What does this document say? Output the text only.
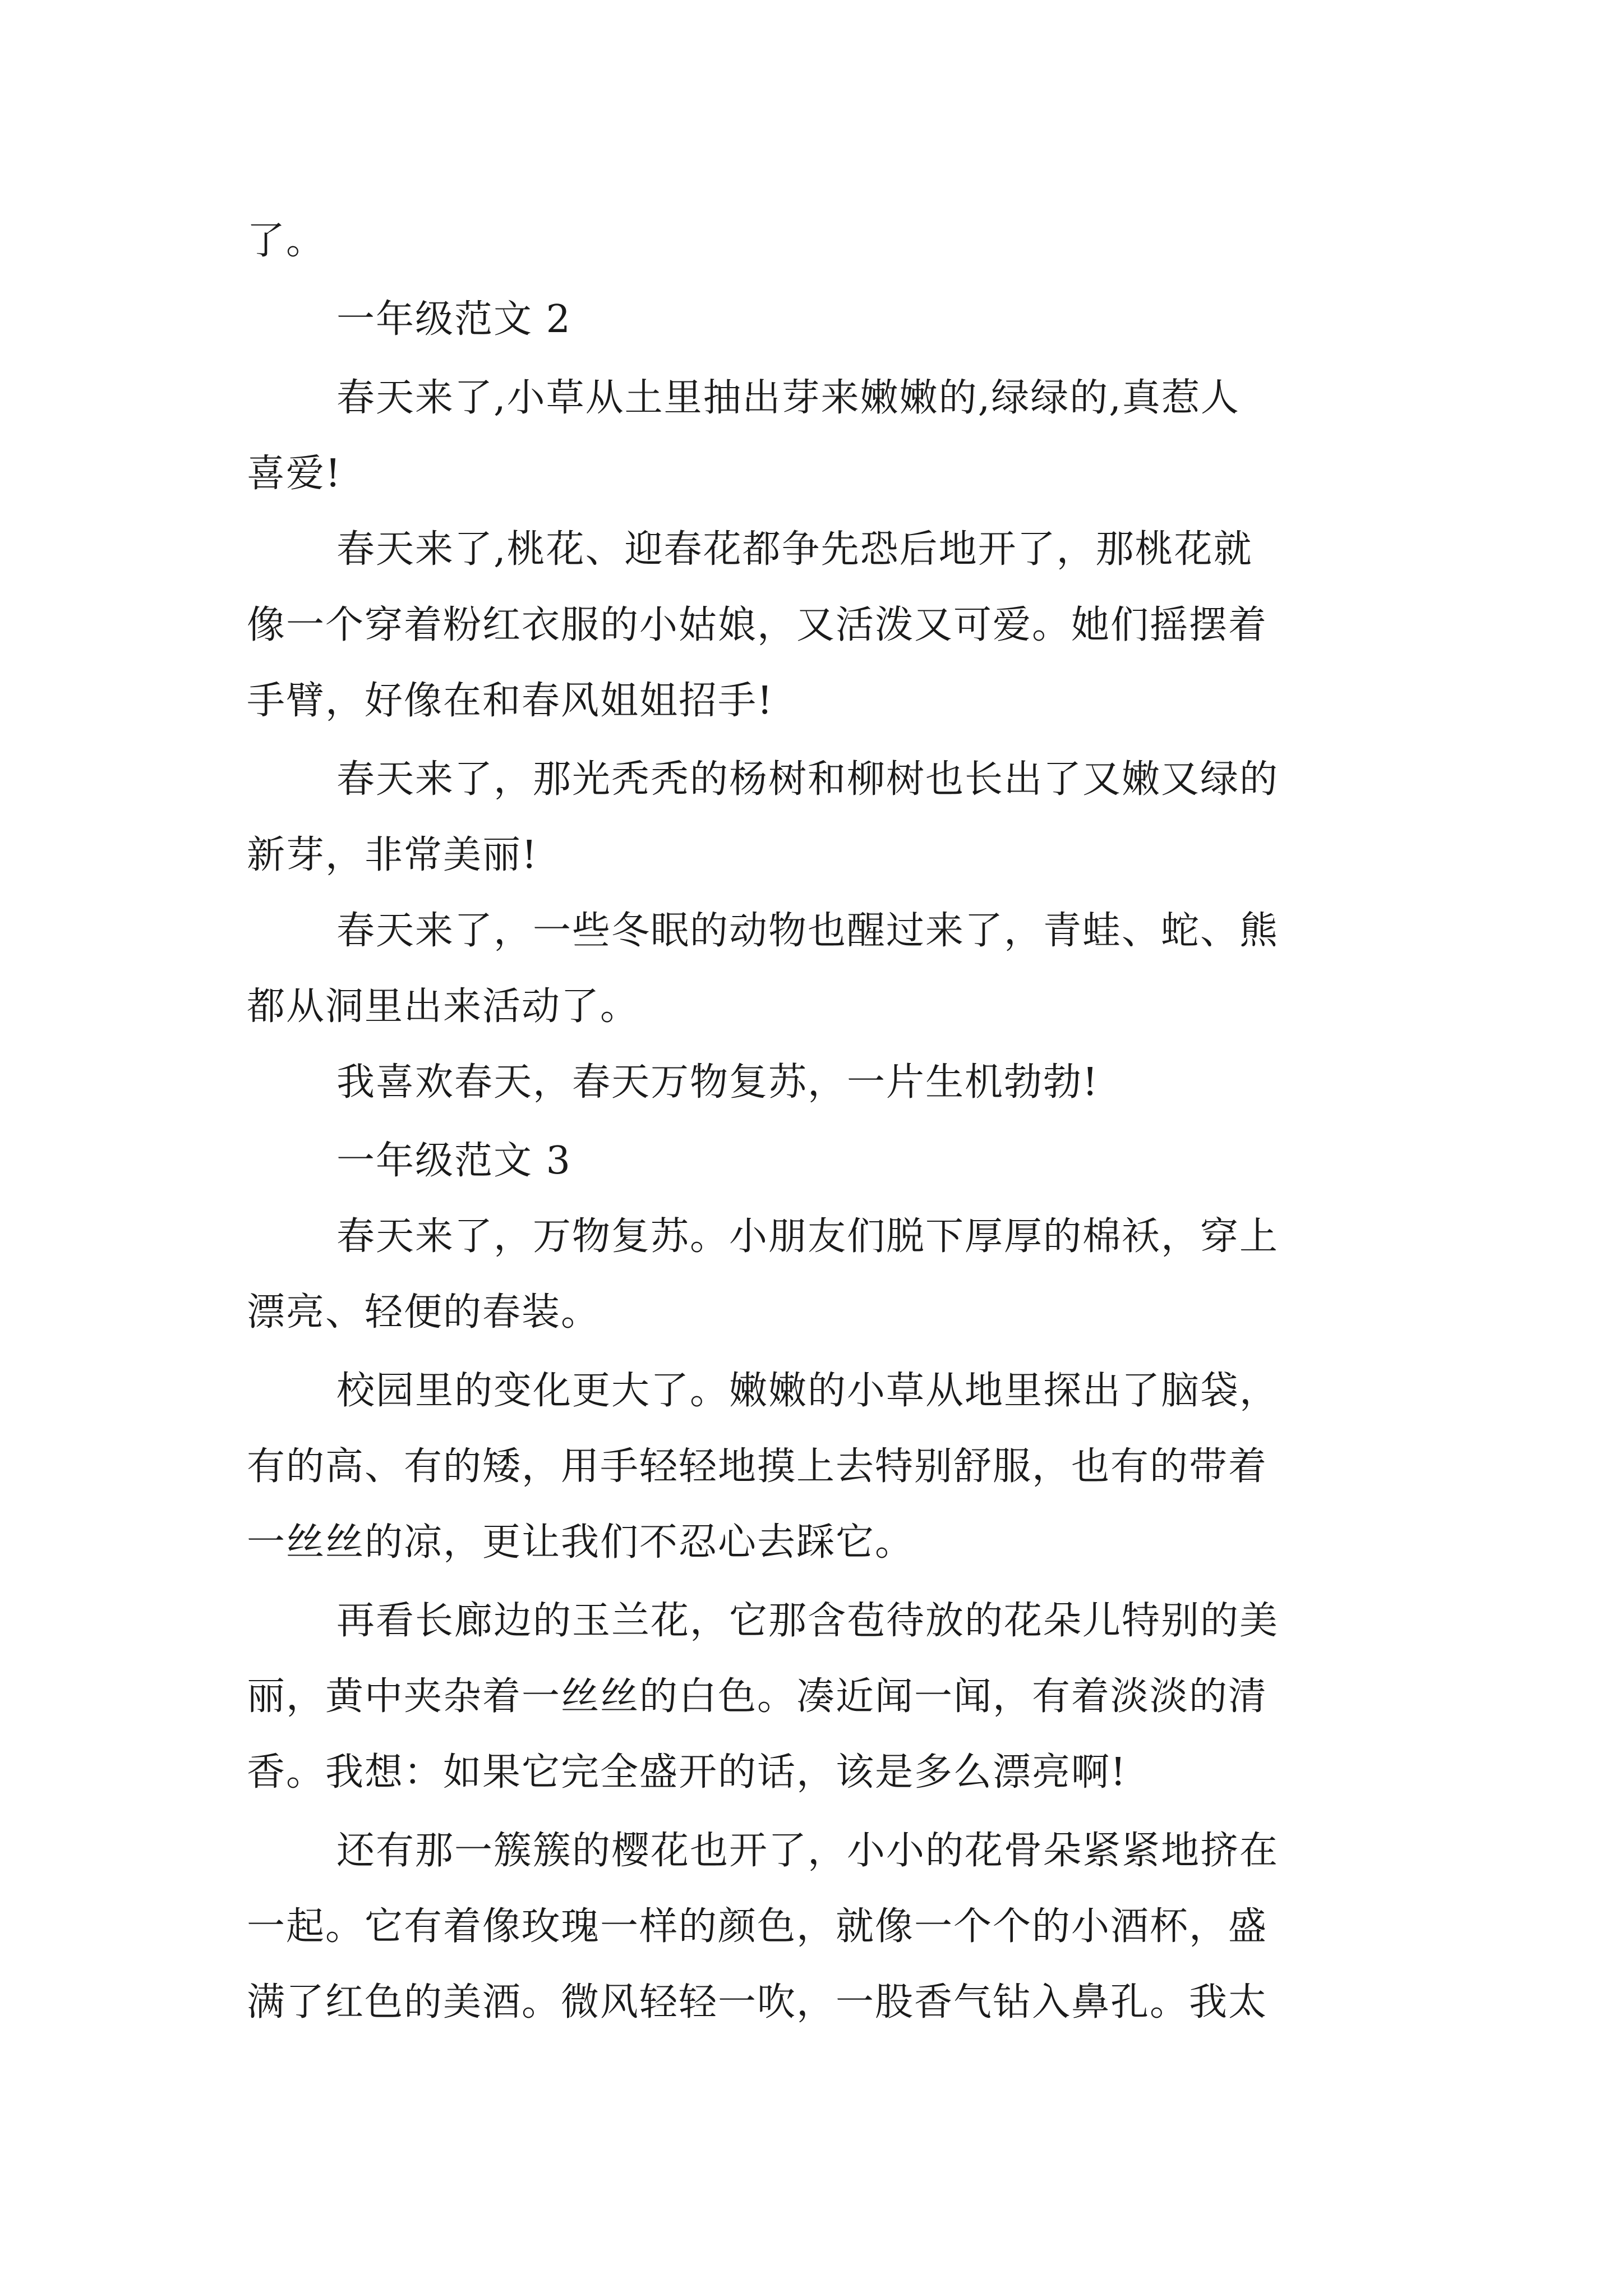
了。
一年级范文 2
春天来了,小草从土里抽出芽来嫩嫩的,绿绿的,真惹人
喜爱!
春天来了,桃花、迎春花都争先恐后地开了，那桃花就
像一个穿着粉红衣服的小姑娘，又活泼又可爱。她们摇摆着
手臂，好像在和春风姐姐招手!
春天来了，那光秃秃的杨树和柳树也长出了又嫩又绿的
新芽，非常美丽!
春天来了，一些冬眠的动物也醒过来了，青蛙、蛇、熊
都从洞里出来活动了。
我喜欢春天，春天万物复苏，一片生机勃勃!
一年级范文 3
春天来了，万物复苏。小朋友们脱下厚厚的棉袄，穿上
漂亮、轻便的春装。
校园里的变化更大了。嫩嫩的小草从地里探出了脑袋，
有的高、有的矮，用手轻轻地摸上去特别舒服，也有的带着
一丝丝的凉，更让我们不忍心去踩它。
再看长廊边的玉兰花，它那含苞待放的花朵儿特别的美
丽，黄中夹杂着一丝丝的白色。凑近闻一闻，有着淡淡的清
香。我想：如果它完全盛开的话，该是多么漂亮啊!
还有那一簇簇的樱花也开了，小小的花骨朵紧紧地挤在
一起。它有着像玫瑰一样的颜色，就像一个个的小酒杯，盛
满了红色的美酒。微风轻轻一吹，一股香气钻入鼻孔。我太
